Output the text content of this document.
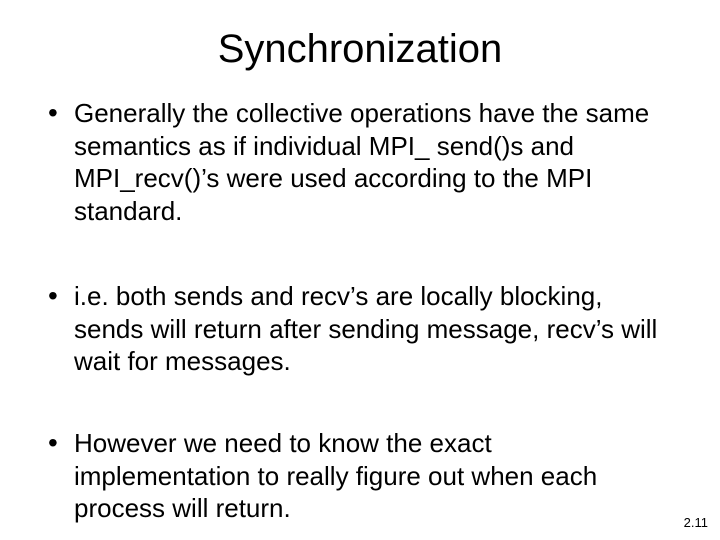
Synchronization
• Generally the collective operations have the same
semantics as if individual MPI_ send()s and
MPI_recv()’s were used according to the MPI
standard.
• i.e. both sends and recv’s are locally blocking,
sends will return after sending message, recv’s will
wait for messages.
• However we need to know the exact
implementation to really figure out when each
process will return.	2.11
